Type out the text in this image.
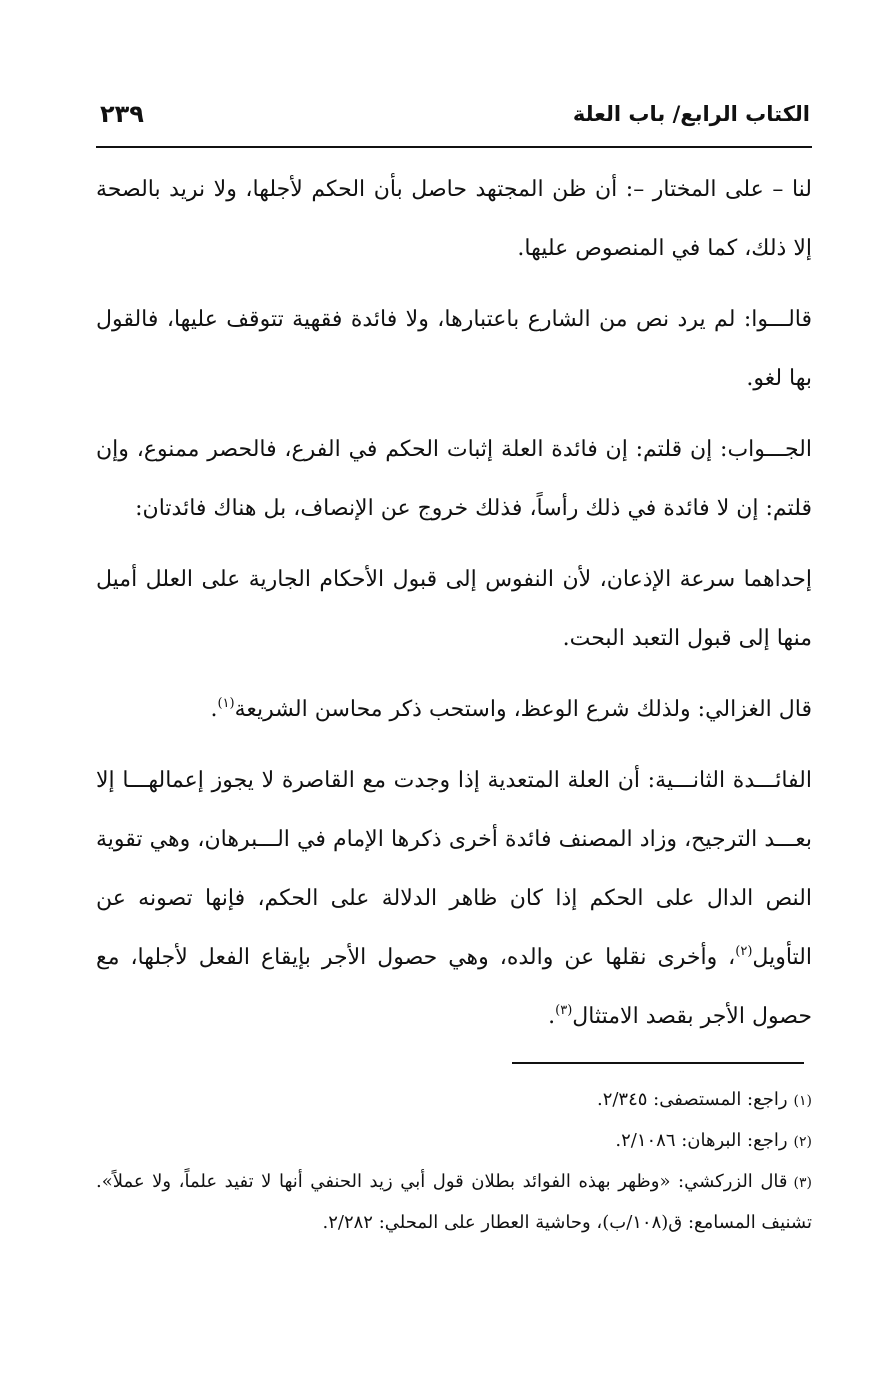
٢٣٩	الكتاب الرابع/ باب العلة

لنا – على المختار –: أن ظن المجتهد حاصل بأن الحكم لأجلها، ولا نريد بالصحة إلا ذلك، كما في المنصوص عليها.

قالـــوا: لم يرد نص من الشارع باعتبارها، ولا فائدة فقهية تتوقف عليها، فالقول بها لغو.

الجـــواب: إن قلتم: إن فائدة العلة إثبات الحكم في الفرع، فالحصر ممنوع، وإن قلتم: إن لا فائدة في ذلك رأساً، فذلك خروج عن الإنصاف، بل هناك فائدتان:

إحداهما سرعة الإذعان، لأن النفوس إلى قبول الأحكام الجارية على العلل أميل منها إلى قبول التعبد البحت.

قال الغزالي: ولذلك شرع الوعظ، واستحب ذكر محاسن الشريعة$^{(١)}$.

الفائـــدة الثانـــية: أن العلة المتعدية إذا وجدت مع القاصرة لا يجوز إعمالهـــا إلا بعـــد الترجيح، وزاد المصنف فائدة أخرى ذكرها الإمام في الـــبرهان، وهي تقوية النص الدال على الحكم إذا كان ظاهر الدلالة على الحكم، فإنها تصونه عن التأويل$^{(٢)}$، وأخرى نقلها عن والده، وهي حصول الأجر بإيقاع الفعل لأجلها، مع حصول الأجر بقصد الامتثال$^{(٣)}$.

(١)راجع: المستصفى: ٢/٣٤٥.

(٢)راجع: البرهان: ٢/١٠٨٦.

(٣)قال الزركشي: «وظهر بهذه الفوائد بطلان قول أبي زيد الحنفي أنها لا تفيد علماً، ولا عملاً». تشنيف المسامع: ق(١٠٨/ب)، وحاشية العطار على المحلي: ٢/٢٨٢.
